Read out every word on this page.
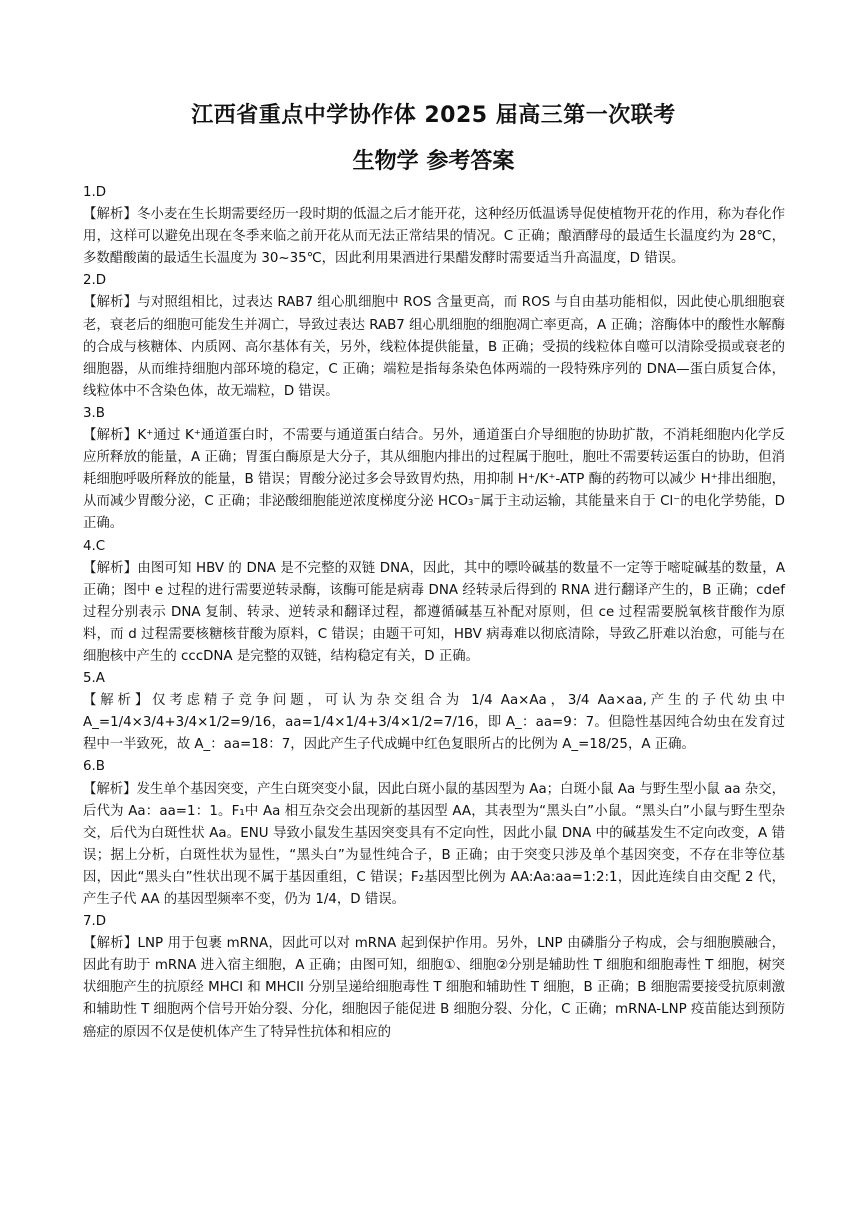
江西省重点中学协作体 2025 届高三第一次联考
生物学 参考答案
1.D
【解析】冬小麦在生长期需要经历一段时期的低温之后才能开花，这种经历低温诱导促使植物开花的作用，称为春化作用，这样可以避免出现在冬季来临之前开花从而无法正常结果的情况。C 正确；酿酒酵母的最适生长温度约为 28℃，多数醋酸菌的最适生长温度为 30~35℃，因此利用果酒进行果醋发酵时需要适当升高温度，D 错误。
2.D
【解析】与对照组相比，过表达 RAB7 组心肌细胞中 ROS 含量更高，而 ROS 与自由基功能相似，因此使心肌细胞衰老，衰老后的细胞可能发生并凋亡，导致过表达 RAB7 组心肌细胞的细胞凋亡率更高，A 正确；溶酶体中的酸性水解酶的合成与核糖体、内质网、高尔基体有关，另外，线粒体提供能量，B 正确；受损的线粒体自噬可以清除受损或衰老的细胞器，从而维持细胞内部环境的稳定，C 正确；端粒是指每条染色体两端的一段特殊序列的 DNA—蛋白质复合体，线粒体中不含染色体，故无端粒，D 错误。
3.B
【解析】K⁺通过 K⁺通道蛋白时，不需要与通道蛋白结合。另外，通道蛋白介导细胞的协助扩散，不消耗细胞内化学反应所释放的能量，A 正确；胃蛋白酶原是大分子，其从细胞内排出的过程属于胞吐，胞吐不需要转运蛋白的协助，但消耗细胞呼吸所释放的能量，B 错误；胃酸分泌过多会导致胃灼热，用抑制 H⁺/K⁺-ATP 酶的药物可以减少 H⁺排出细胞，从而减少胃酸分泌，C 正确；非泌酸细胞能逆浓度梯度分泌 HCO₃⁻属于主动运输，其能量来自于 Cl⁻的电化学势能，D 正确。
4.C
【解析】由图可知 HBV 的 DNA 是不完整的双链 DNA，因此，其中的嘌呤碱基的数量不一定等于嘧啶碱基的数量，A 正确；图中 e 过程的进行需要逆转录酶，该酶可能是病毒 DNA 经转录后得到的 RNA 进行翻译产生的，B 正确；cdef 过程分别表示 DNA 复制、转录、逆转录和翻译过程，都遵循碱基互补配对原则，但 ce 过程需要脱氧核苷酸作为原料，而 d 过程需要核糖核苷酸为原料，C 错误；由题干可知，HBV 病毒难以彻底清除，导致乙肝难以治愈，可能与在细胞核中产生的 cccDNA 是完整的双链，结构稳定有关，D 正确。
5.A
【解析】仅考虑精子竞争问题，可认为杂交组合为 1/4 Aa×Aa，3/4 Aa×aa,产生的子代幼虫中 A_=1/4×3/4+3/4×1/2=9/16，aa=1/4×1/4+3/4×1/2=7/16，即 A_：aa=9：7。但隐性基因纯合幼虫在发育过程中一半致死，故 A_：aa=18：7，因此产生子代成蝇中红色复眼所占的比例为 A_=18/25，A 正确。
6.B
【解析】发生单个基因突变，产生白斑突变小鼠，因此白斑小鼠的基因型为 Aa；白斑小鼠 Aa 与野生型小鼠 aa 杂交，后代为 Aa：aa=1：1。F₁中 Aa 相互杂交会出现新的基因型 AA，其表型为“黑头白”小鼠。“黑头白”小鼠与野生型杂交，后代为白斑性状 Aa。ENU 导致小鼠发生基因突变具有不定向性，因此小鼠 DNA 中的碱基发生不定向改变，A 错误；据上分析，白斑性状为显性，“黑头白”为显性纯合子，B 正确；由于突变只涉及单个基因突变，不存在非等位基因，因此“黑头白”性状出现不属于基因重组，C 错误；F₂基因型比例为 AA:Aa:aa=1:2:1，因此连续自由交配 2 代，产生子代 AA 的基因型频率不变，仍为 1/4，D 错误。
7.D
【解析】LNP 用于包裹 mRNA，因此可以对 mRNA 起到保护作用。另外，LNP 由磷脂分子构成，会与细胞膜融合，因此有助于 mRNA 进入宿主细胞，A 正确；由图可知，细胞①、细胞②分别是辅助性 T 细胞和细胞毒性 T 细胞，树突状细胞产生的抗原经 MHCI 和 MHCII 分别呈递给细胞毒性 T 细胞和辅助性 T 细胞，B 正确；B 细胞需要接受抗原刺激和辅助性 T 细胞两个信号开始分裂、分化，细胞因子能促进 B 细胞分裂、分化，C 正确；mRNA-LNP 疫苗能达到预防癌症的原因不仅是使机体产生了特异性抗体和相应的
